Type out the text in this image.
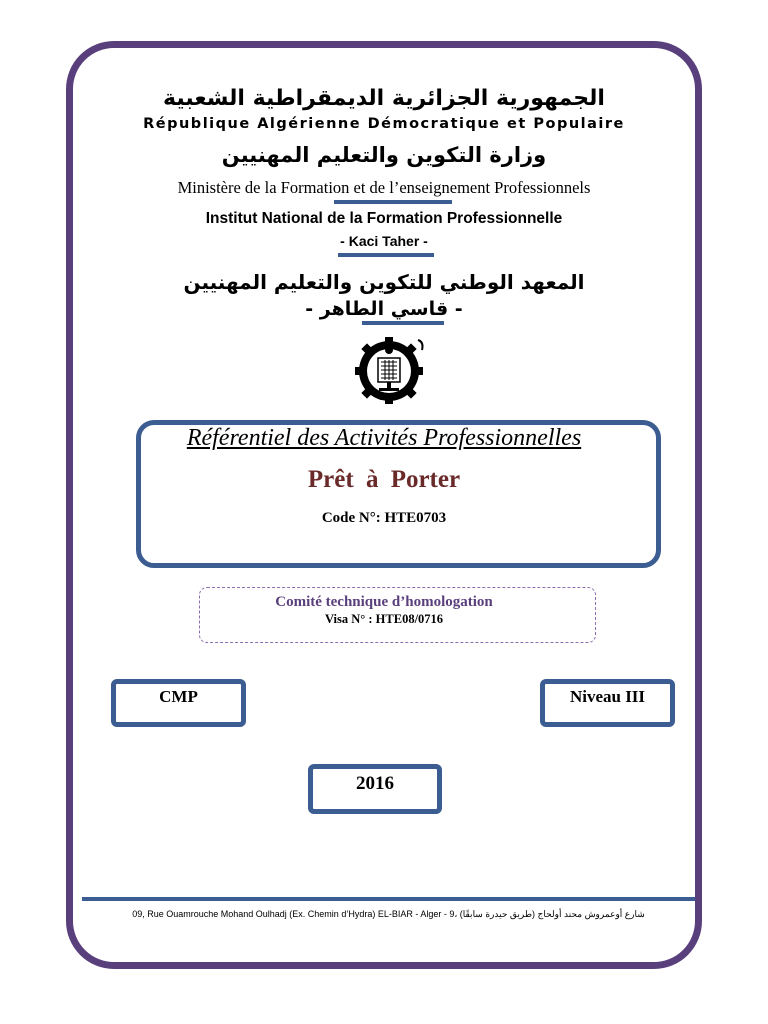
الجمهورية الجزائرية الديمقراطية الشعبية
République Algérienne Démocratique et Populaire
وزارة التكوين والتعليم المهنيين
Ministère de la Formation et de l’enseignement Professionnels
Institut National de la Formation Professionnelle
- Kaci Taher -
المعهد الوطني للتكوين والتعليم المهنيين
- قاسي الطاهر -
Référentiel des Activités Professionnelles
Prêt à Porter
Code N°: HTE0703
Comité technique d’homologation
Visa N° : HTE08/0716
CMP	Niveau III
2016
09, Rue Ouamrouche Mohand Oulhadj (Ex. Chemin d’Hydra) EL-BIAR - Alger - 9، شارع أوعمروش محند أولحاج (طريق حيدرة سابقًا)
